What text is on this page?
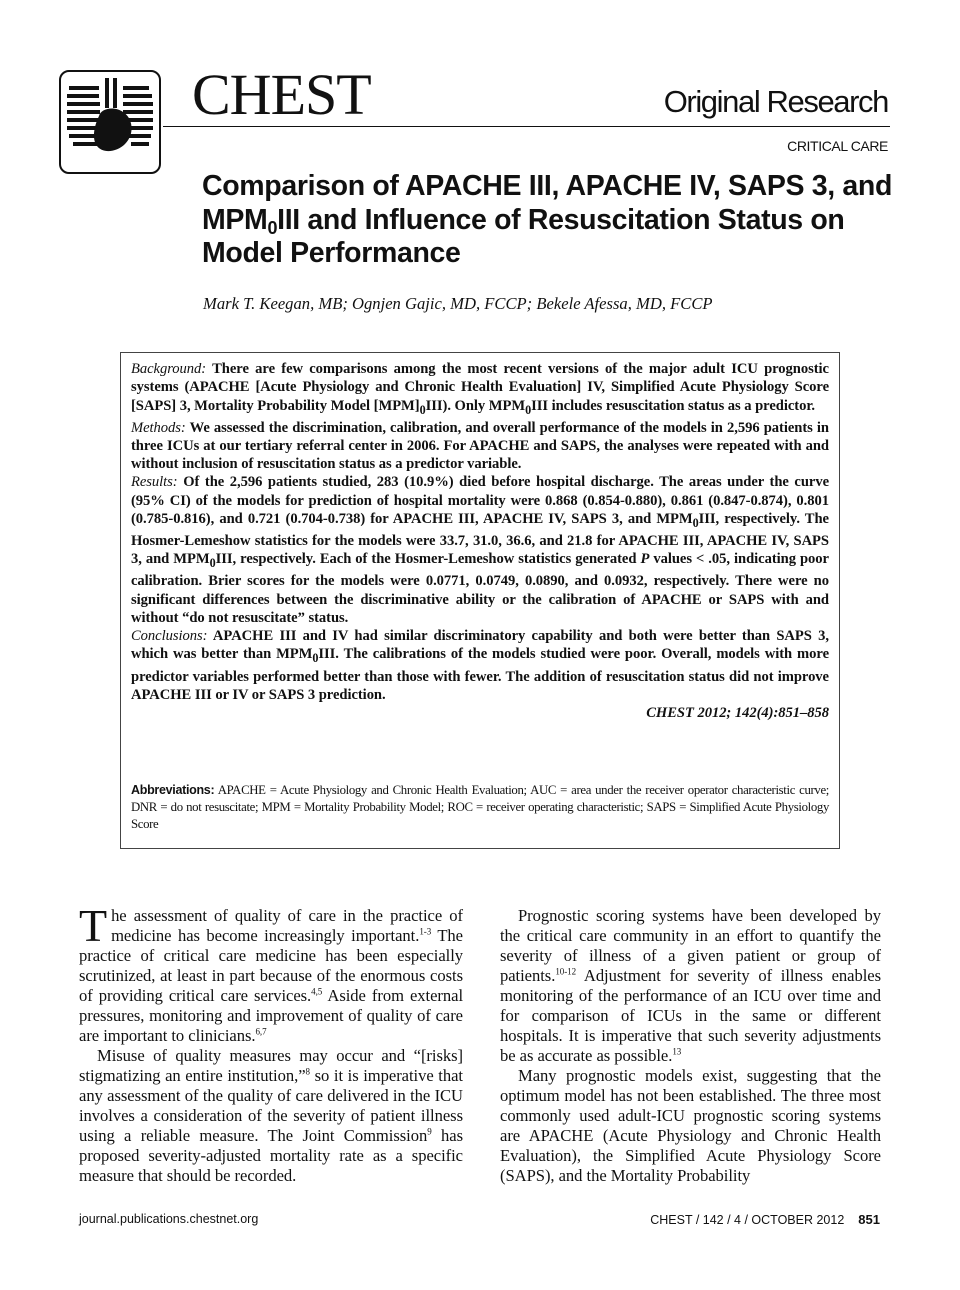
CHEST	Original Research
CRITICAL CARE
Comparison of APACHE III, APACHE IV, SAPS 3, and $MPM_0III$ and Influence of Resuscitation Status on Model Performance
Mark T. Keegan, MB; Ognjen Gajic, MD, FCCP; Bekele Afessa, MD, FCCP

Background: There are few comparisons among the most recent versions of the major adult ICU prognostic systems (APACHE [Acute Physiology and Chronic Health Evaluation] IV, Simplified Acute Physiology Score [SAPS] 3, Mortality Probability Model $[MPM]_0III$). Only $MPM_0III$ includes resuscitation status as a predictor.

Methods: We assessed the discrimination, calibration, and overall performance of the models in 2,596 patients in three ICUs at our tertiary referral center in 2006. For APACHE and SAPS, the analyses were repeated with and without inclusion of resuscitation status as a predictor variable.

Results: Of the 2,596 patients studied, 283 (10.9%) died before hospital discharge. The areas under the curve (95% CI) of the models for prediction of hospital mortality were 0.868 (0.854-0.880), 0.861 (0.847-0.874), 0.801 (0.785-0.816), and 0.721 (0.704-0.738) for APACHE III, APACHE IV, SAPS 3, and $MPM_0III$, respectively. The Hosmer-Lemeshow statistics for the models were 33.7, 31.0, 36.6, and 21.8 for APACHE III, APACHE IV, SAPS 3, and $MPM_0III$, respectively. Each of the Hosmer-Lemeshow statistics generated P values < .05, indicating poor calibration. Brier scores for the models were 0.0771, 0.0749, 0.0890, and 0.0932, respectively. There were no significant differences between the discriminative ability or the calibration of APACHE or SAPS with and without “do not resuscitate” status.

Conclusions: APACHE III and IV had similar discriminatory capability and both were better than SAPS 3, which was better than $MPM_0III$. The calibrations of the models studied were poor. Overall, models with more predictor variables performed better than those with fewer. The addition of resuscitation status did not improve APACHE III or IV or SAPS 3 prediction.

CHEST 2012; 142(4):851–858

Abbreviations: APACHE = Acute Physiology and Chronic Health Evaluation; AUC = area under the receiver operator characteristic curve; DNR = do not resuscitate; MPM = Mortality Probability Model; ROC = receiver operating characteristic; SAPS = Simplified Acute Physiology Score

The assessment of quality of care in the practice of medicine has become increasingly important.$^{1-3}$ The practice of critical care medicine has been especially scrutinized, at least in part because of the enormous costs of providing critical care services.$^{4,5}$ Aside from external pressures, monitoring and improvement of quality of care are important to clinicians.$^{6,7}$

Misuse of quality measures may occur and “[risks] stigmatizing an entire institution,”$^8$ so it is imperative that any assessment of the quality of care delivered in the ICU involves a consideration of the severity of patient illness using a reliable measure. The Joint Commission$^9$ has proposed severity-adjusted mortality rate as a specific measure that should be recorded.

Prognostic scoring systems have been developed by the critical care community in an effort to quantify the severity of illness of a given patient or group of patients.$^{10-12}$ Adjustment for severity of illness enables monitoring of the performance of an ICU over time and for comparison of ICUs in the same or different hospitals. It is imperative that such severity adjustments be as accurate as possible.$^{13}$

Many prognostic models exist, suggesting that the optimum model has not been established. The three most commonly used adult-ICU prognostic scoring systems are APACHE (Acute Physiology and Chronic Health Evaluation), the Simplified Acute Physiology Score (SAPS), and the Mortality Probability

journal.publications.chestnet.org	CHEST / 142 / 4 / OCTOBER 2012 851
